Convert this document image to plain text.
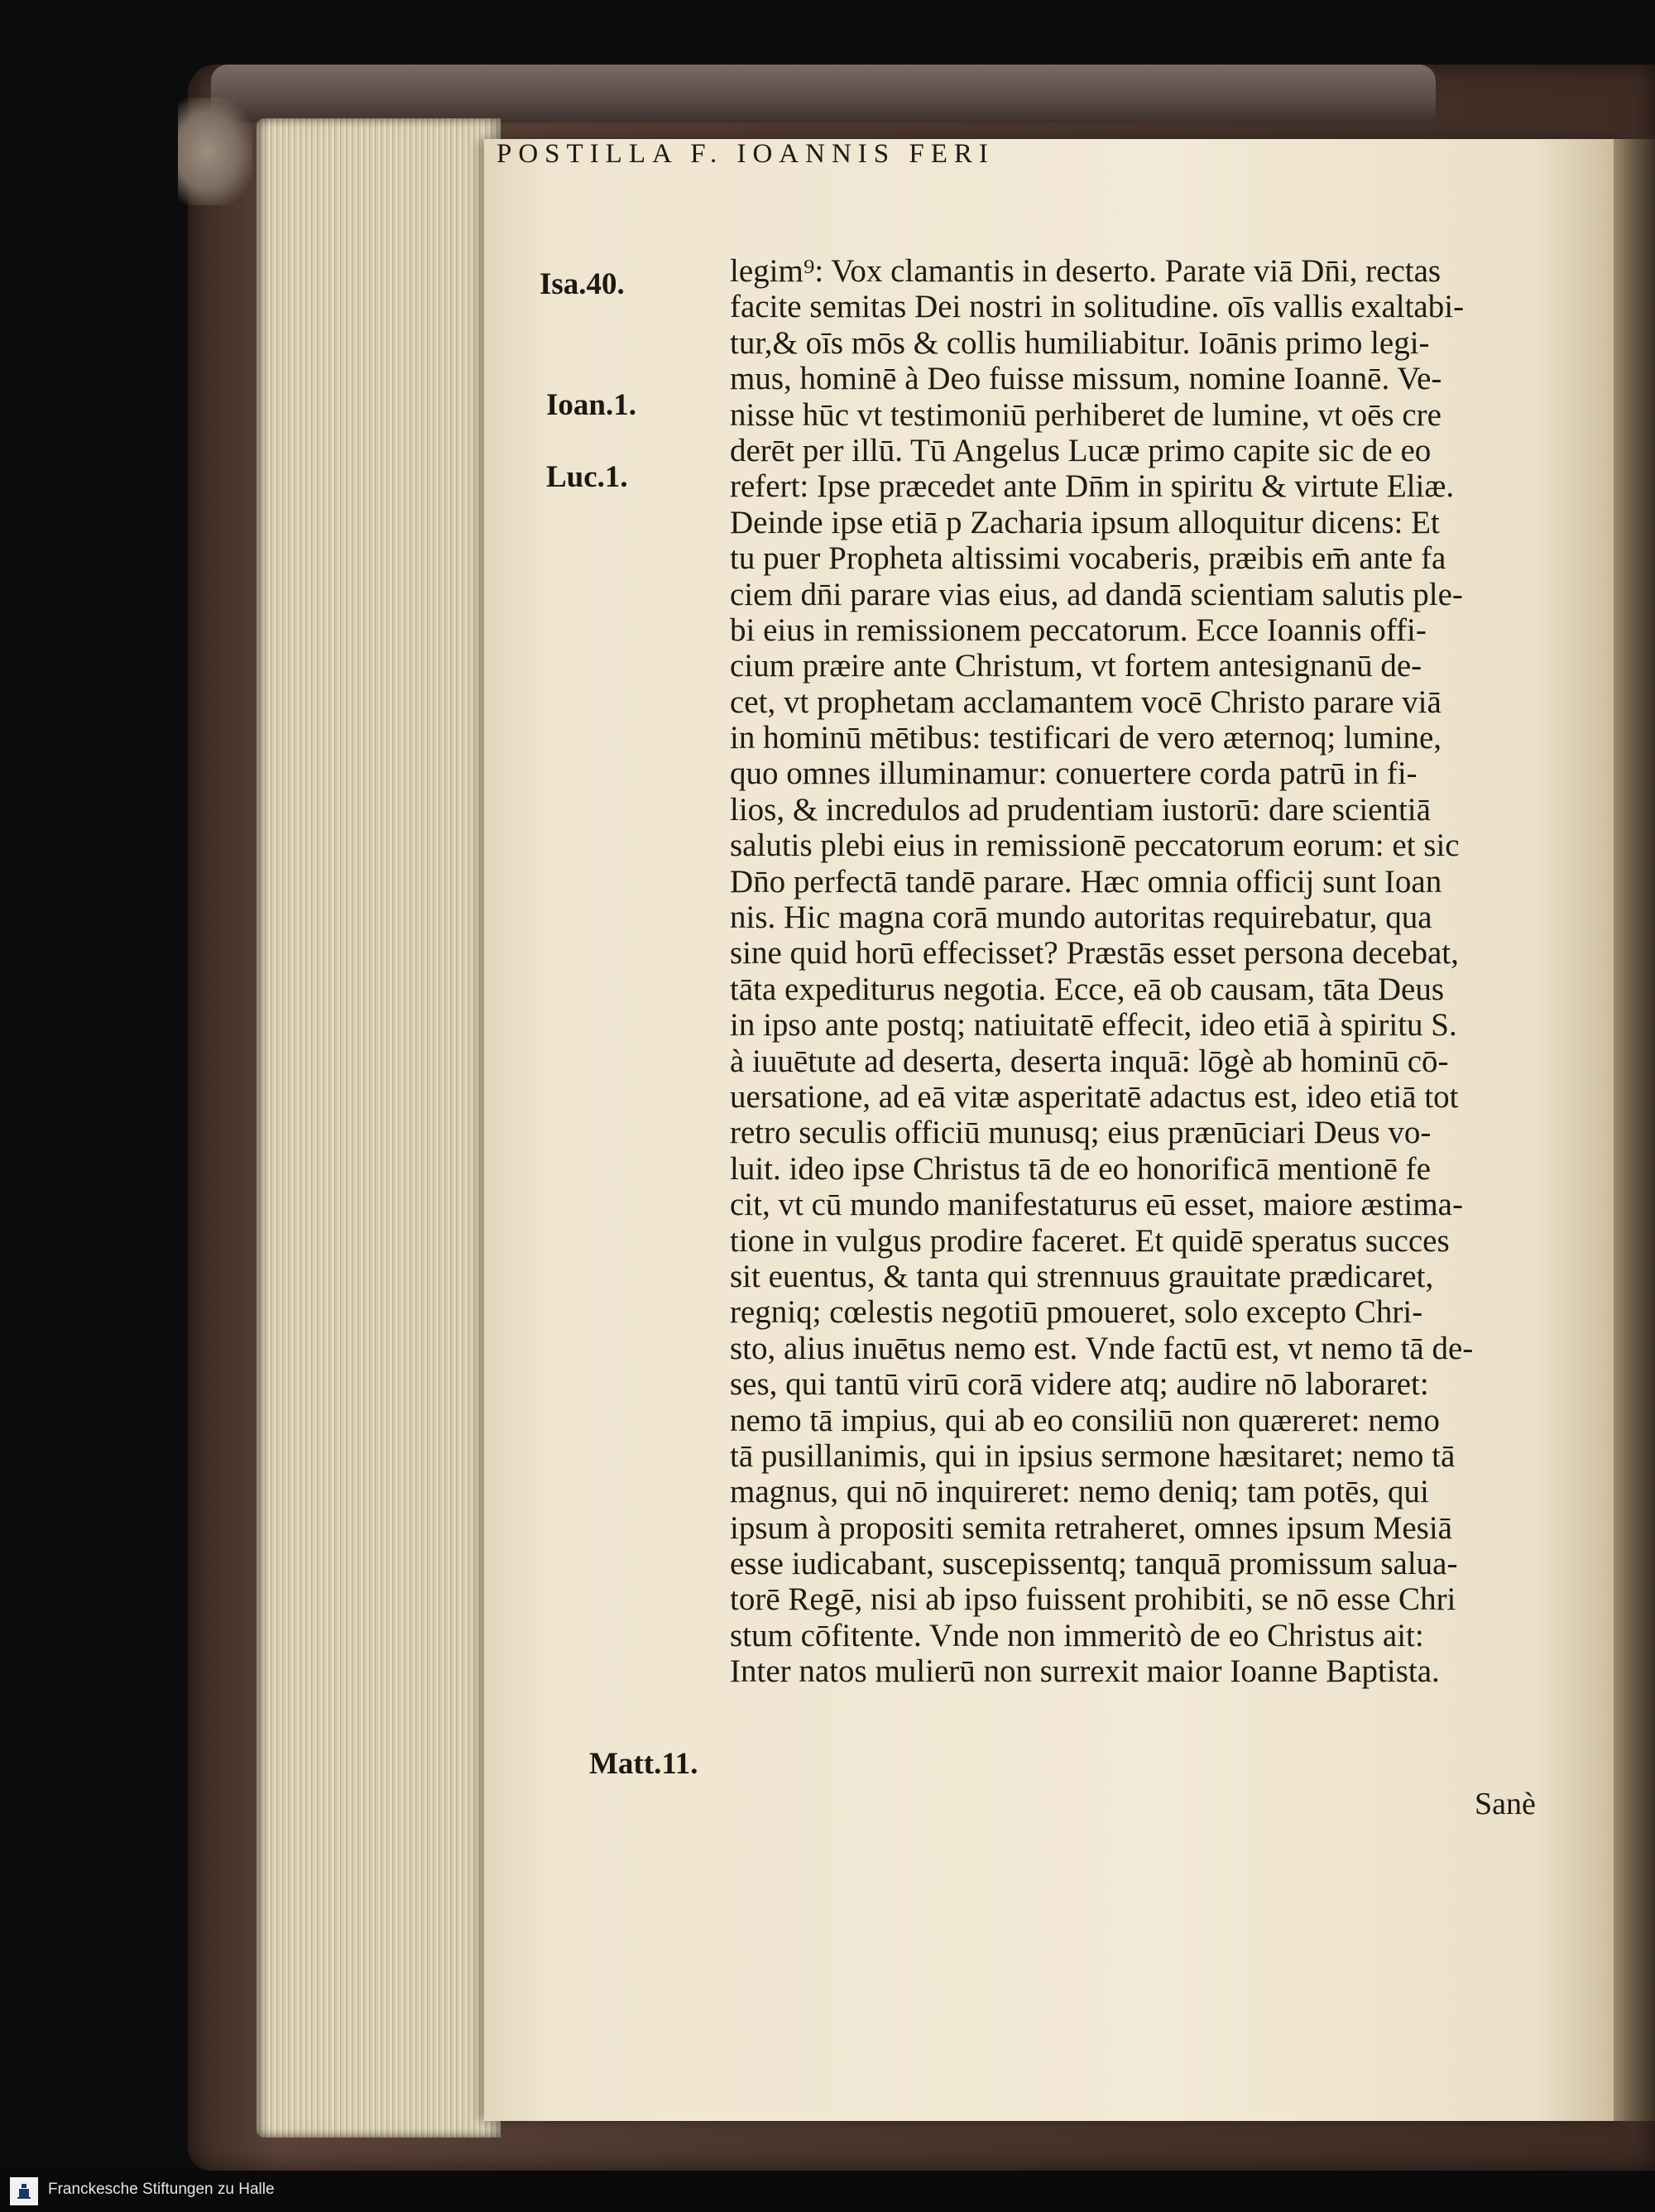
POSTILLA F. IOANNIS FERI
Isa.40.
Ioan.1.
Luc.1.
Matt.11.
legim⁹: Vox clamantis in deserto. Parate viā Dn̄i, rectas
facite semitas Dei nostri in solitudine. oīs vallis exaltabi-
tur,& oīs mōs & collis humiliabitur. Ioānis primo legi-
mus, hominē à Deo fuisse missum, nomine Ioannē. Ve-
nisse hūc vt testimoniū perhiberet de lumine, vt oēs cre
derēt per illū. Tū Angelus Lucæ primo capite sic de eo
refert: Ipse præcedet ante Dn̄m in spiritu & virtute Eliæ.
Deinde ipse etiā p Zacharia ipsum alloquitur dicens: Et
tu puer Propheta altissimi vocaberis, præibis em̄ ante fa
ciem dn̄i parare vias eius, ad dandā scientiam salutis ple-
bi eius in remissionem peccatorum. Ecce Ioannis offi-
cium præire ante Christum, vt fortem antesignanū de-
cet, vt prophetam acclamantem vocē Christo parare viā
in hominū mētibus: testificari de vero æternoq; lumine,
quo omnes illuminamur: conuertere corda patrū in fi-
lios, & incredulos ad prudentiam iustorū: dare scientiā
salutis plebi eius in remissionē peccatorum eorum: et sic
Dn̄o perfectā tandē parare. Hæc omnia officij sunt Ioan
nis. Hic magna corā mundo autoritas requirebatur, qua
sine quid horū effecisset? Præstās esset persona decebat,
tāta expediturus negotia. Ecce, eā ob causam, tāta Deus
in ipso ante postq; natiuitatē effecit, ideo etiā à spiritu S.
à iuuētute ad deserta, deserta inquā: lōgè ab hominū cō-
uersatione, ad eā vitæ asperitatē adactus est, ideo etiā tot
retro seculis officiū munusq; eius prænūciari Deus vo-
luit. ideo ipse Christus tā de eo honorificā mentionē fe
cit, vt cū mundo manifestaturus eū esset, maiore æstima-
tione in vulgus prodire faceret. Et quidē speratus succes
sit euentus, & tanta qui strennuus grauitate prædicaret,
regniq; cœlestis negotiū pmoueret, solo excepto Chri-
sto, alius inuētus nemo est. Vnde factū est, vt nemo tā de-
ses, qui tantū virū corā videre atq; audire nō laboraret:
nemo tā impius, qui ab eo consiliū non quæreret: nemo
tā pusillanimis, qui in ipsius sermone hæsitaret; nemo tā
magnus, qui nō inquireret: nemo deniq; tam potēs, qui
ipsum à propositi semita retraheret, omnes ipsum Mesiā
esse iudicabant, suscepissentq; tanquā promissum salua-
torē Regē, nisi ab ipso fuissent prohibiti, se nō esse Chri
stum cōfitente. Vnde non immeritò de eo Christus ait:
Inter natos mulierū non surrexit maior Ioanne Baptista.
Sanè
Franckesche Stiftungen zu Halle
